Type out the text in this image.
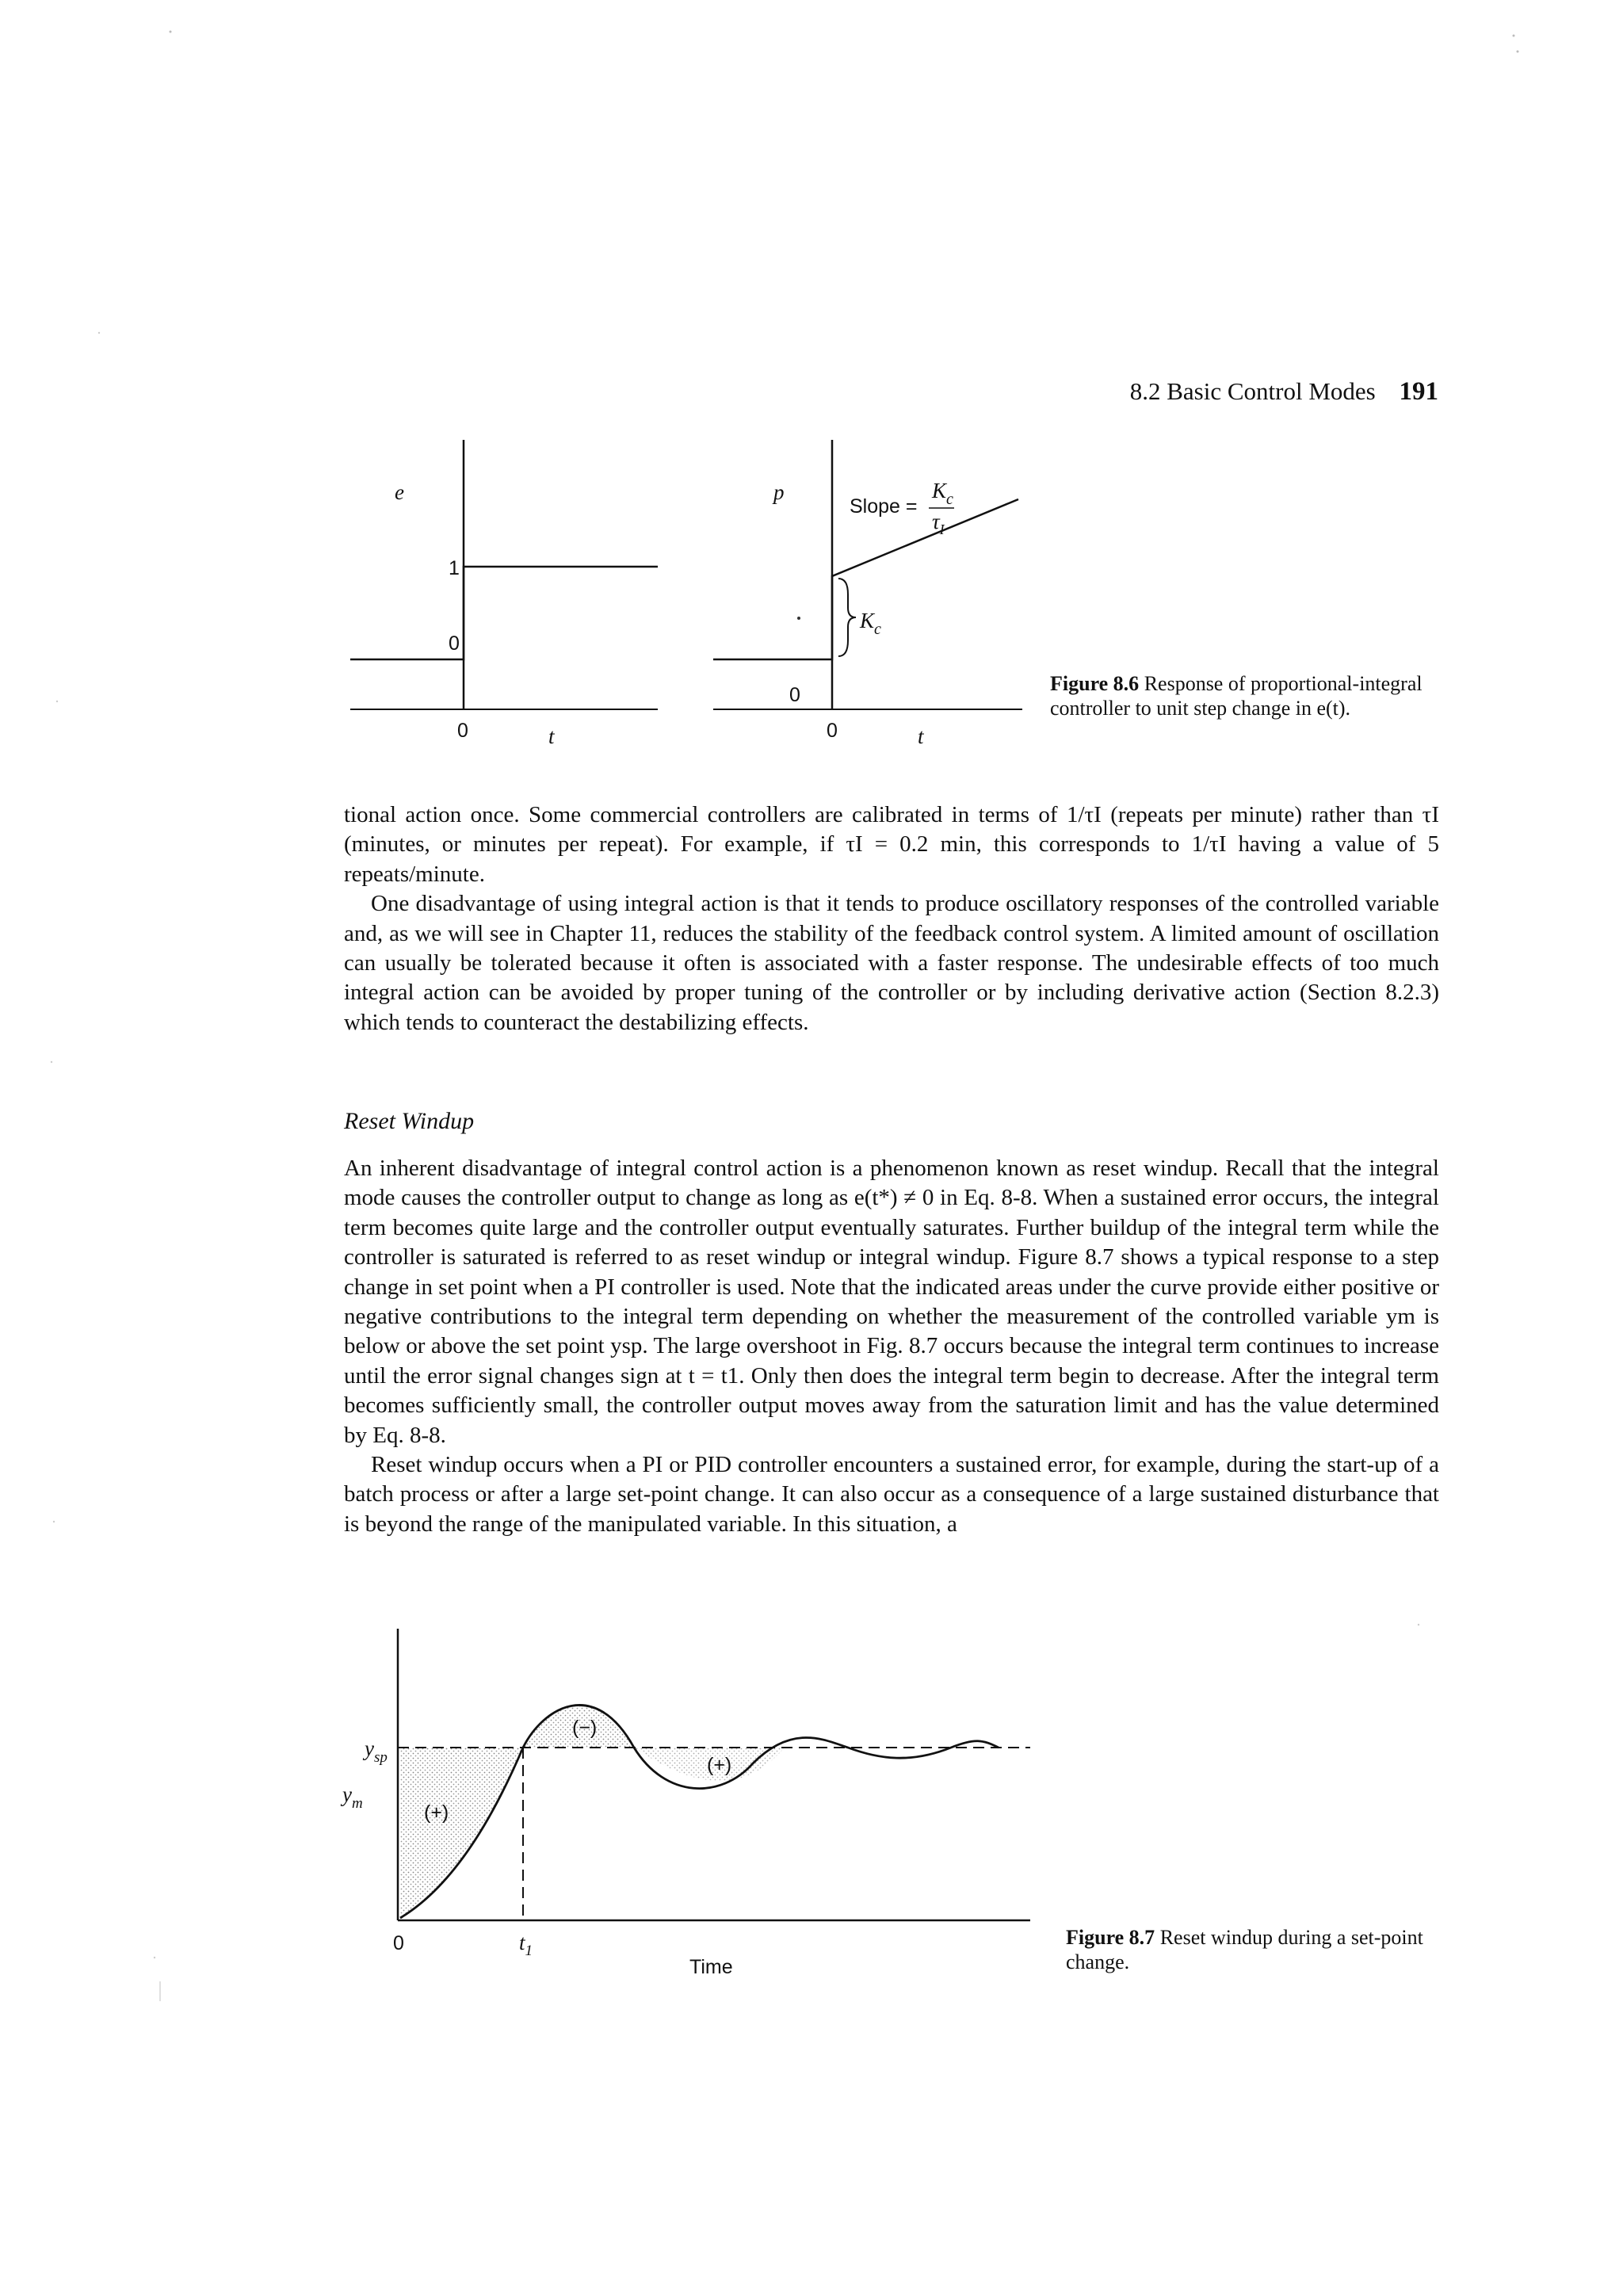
8.2 Basic Control Modes 191
e
1
0
0	t
$K_c$
p
Slope =
$K_c$
$\tau_I$
0
0	t
Figure 8.6 Response of proportional-integral controller to unit step change in e(t).

tional action once. Some commercial controllers are calibrated in terms of 1/τI (repeats per minute) rather than τI (minutes, or minutes per repeat). For example, if τI = 0.2 min, this corresponds to 1/τI having a value of 5 repeats/minute.

One disadvantage of using integral action is that it tends to produce oscillatory responses of the controlled variable and, as we will see in Chapter 11, reduces the stability of the feedback control system. A limited amount of oscillation can usually be tolerated because it often is associated with a faster response. The undesirable effects of too much integral action can be avoided by proper tuning of the controller or by including derivative action (Section 8.2.3) which tends to counteract the destabilizing effects.

Reset Windup

An inherent disadvantage of integral control action is a phenomenon known as reset windup. Recall that the integral mode causes the controller output to change as long as e(t*) ≠ 0 in Eq. 8-8. When a sustained error occurs, the integral term becomes quite large and the controller output eventually saturates. Further buildup of the integral term while the controller is saturated is referred to as reset windup or integral windup. Figure 8.7 shows a typical response to a step change in set point when a PI controller is used. Note that the indicated areas under the curve provide either positive or negative contributions to the integral term depending on whether the measurement of the controlled variable ym is below or above the set point ysp. The large overshoot in Fig. 8.7 occurs because the integral term continues to increase until the error signal changes sign at t = t1. Only then does the integral term begin to decrease. After the integral term becomes sufficiently small, the controller output moves away from the saturation limit and has the value determined by Eq. 8-8.

Reset windup occurs when a PI or PID controller encounters a sustained error, for example, during the start-up of a batch process or after a large set-point change. It can also occur as a consequence of a large sustained disturbance that is beyond the range of the manipulated variable. In this situation, a

$y_{sp}$
$y_m$	(+)
(−)
(+)
0	$t_1$
Time
Figure 8.7 Reset windup during a set-point change.
